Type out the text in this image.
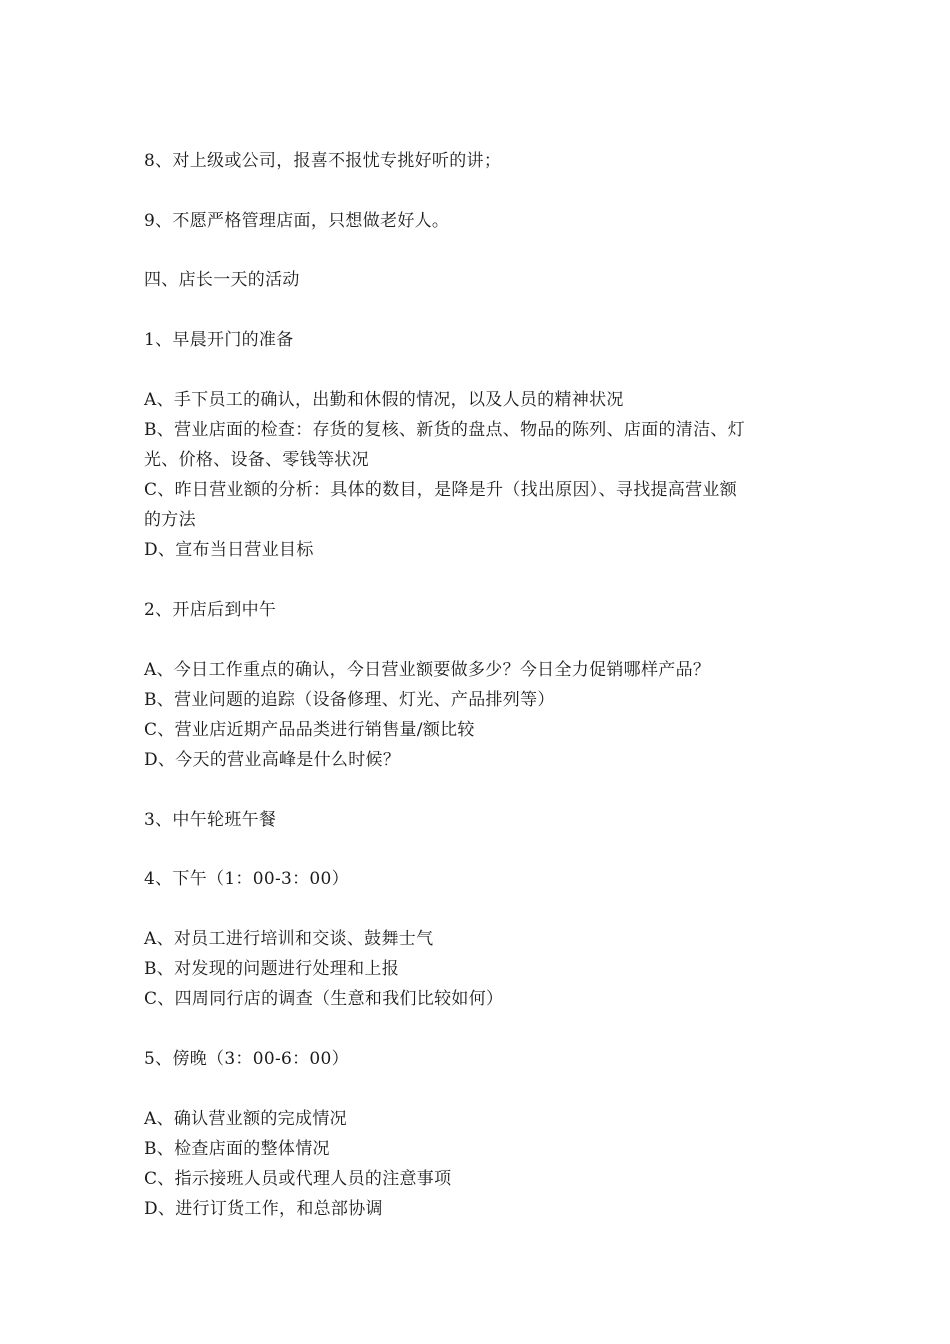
8、对上级或公司，报喜不报忧专挑好听的讲；
9、不愿严格管理店面，只想做老好人。
四、店长一天的活动
1、早晨开门的准备
A、手下员工的确认，出勤和休假的情况，以及人员的精神状况
B、营业店面的检查：存货的复核、新货的盘点、物品的陈列、店面的清洁、灯
光、价格、设备、零钱等状况
C、昨日营业额的分析：具体的数目，是降是升（找出原因）、寻找提高营业额
的方法
D、宣布当日营业目标
2、开店后到中午
A、今日工作重点的确认，今日营业额要做多少？今日全力促销哪样产品？
B、营业问题的追踪（设备修理、灯光、产品排列等）
C、营业店近期产品品类进行销售量/额比较
D、今天的营业高峰是什么时候？
3、中午轮班午餐
4、下午（1：00-3：00）
A、对员工进行培训和交谈、鼓舞士气
B、对发现的问题进行处理和上报
C、四周同行店的调查（生意和我们比较如何）
5、傍晚（3：00-6：00）
A、确认营业额的完成情况
B、检查店面的整体情况
C、指示接班人员或代理人员的注意事项
D、进行订货工作，和总部协调
